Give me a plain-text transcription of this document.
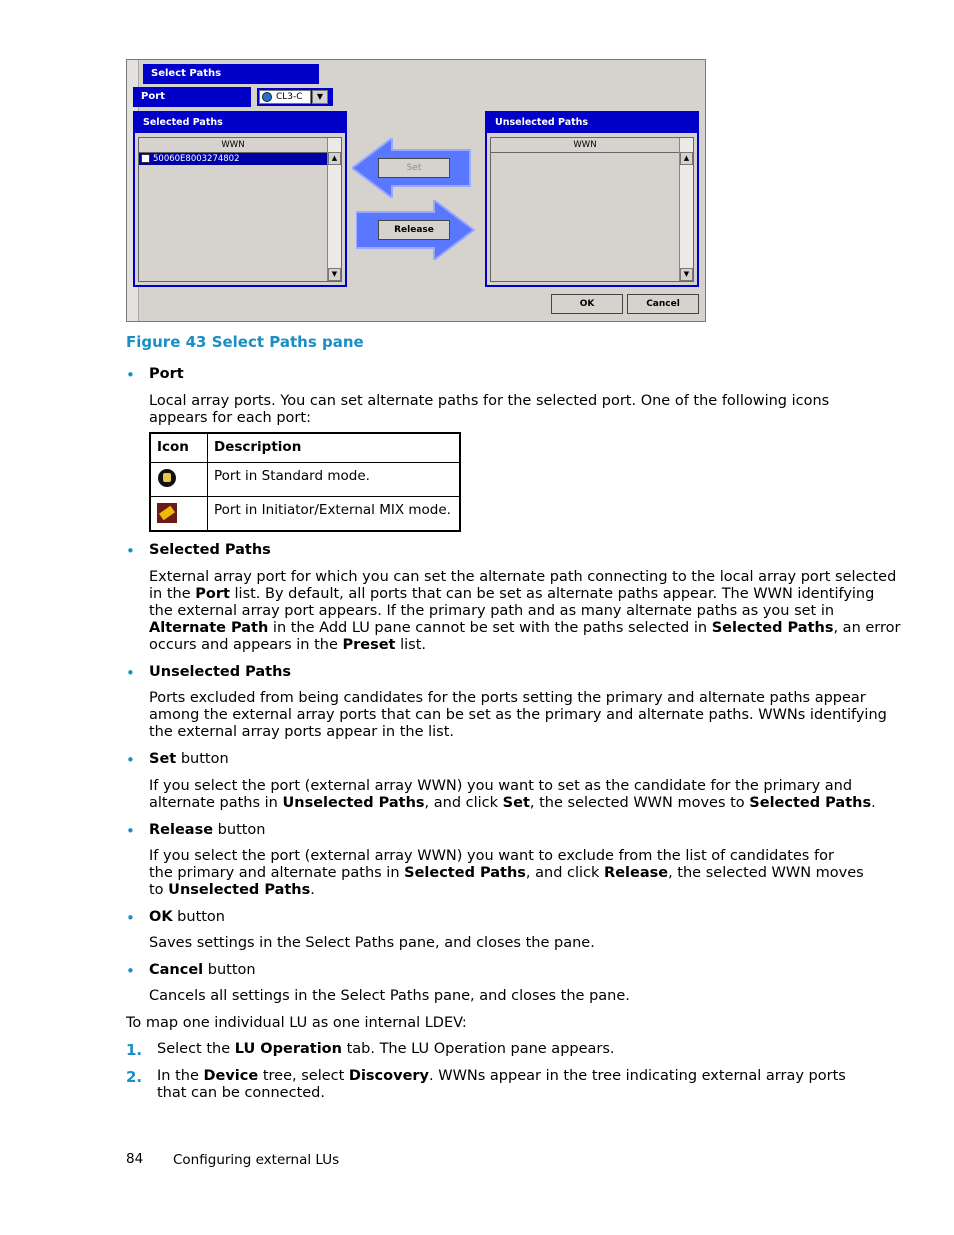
Select Paths
Port	CL3-C	▼
Selected Paths
WWN
50060E8003274802	▲
▼
Set
Release
Unselected Paths
WWN
▲
▼
OK	Cancel
Figure 43 Select Paths pane
• Port
Local array ports. You can set alternate paths for the selected port. One of the following icons
appears for each port:
Icon	Description
	Port in Standard mode.
	Port in Initiator/External MIX mode.
• Selected Paths
External array port for which you can set the alternate path connecting to the local array port selected
in the Port list. By default, all ports that can be set as alternate paths appear. The WWN identifying
the external array port appears. If the primary path and as many alternate paths as you set in
Alternate Path in the Add LU pane cannot be set with the paths selected in Selected Paths, an error
occurs and appears in the Preset list.
• Unselected Paths
Ports excluded from being candidates for the ports setting the primary and alternate paths appear
among the external array ports that can be set as the primary and alternate paths. WWNs identifying
the external array ports appear in the list.
• Set button
If you select the port (external array WWN) you want to set as the candidate for the primary and
alternate paths in Unselected Paths, and click Set, the selected WWN moves to Selected Paths.
• Release button
If you select the port (external array WWN) you want to exclude from the list of candidates for
the primary and alternate paths in Selected Paths, and click Release, the selected WWN moves
to Unselected Paths.
• OK button
Saves settings in the Select Paths pane, and closes the pane.
• Cancel button
Cancels all settings in the Select Paths pane, and closes the pane.
To map one individual LU as one internal LDEV:
1. Select the LU Operation tab. The LU Operation pane appears.
2. In the Device tree, select Discovery. WWNs appear in the tree indicating external array ports
that can be connected.
84 Configuring external LUs
